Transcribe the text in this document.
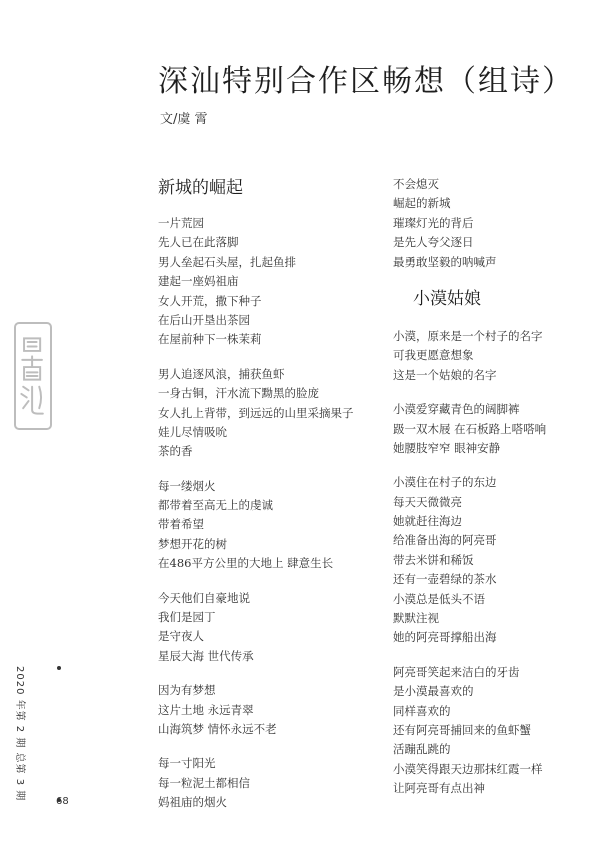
深汕特别合作区畅想（组诗）
文/虞 霄
新城的崛起
一片荒园
先人已在此落脚
男人垒起石头屋，扎起鱼排
建起一座妈祖庙
女人开荒，撒下种子
在后山开垦出茶园
在屋前种下一株茉莉
男人追逐风浪，捕获鱼虾
一身古铜，汗水流下黝黑的脸庞
女人扎上背带，到远远的山里采摘果子
娃儿尽情吸吮
茶的香
每一缕烟火
都带着至高无上的虔诚
带着希望
梦想开花的树
在486平方公里的大地上 肆意生长
今天他们自豪地说
我们是园丁
是守夜人
星辰大海 世代传承
因为有梦想
这片土地 永远青翠
山海筑梦 情怀永远不老
每一寸阳光
每一粒泥土都相信
妈祖庙的烟火
不会熄灭
崛起的新城
璀璨灯光的背后
是先人夸父逐日
最勇敢坚毅的呐喊声
小漠姑娘
小漠，原来是一个村子的名字
可我更愿意想象
这是一个姑娘的名字
小漠爱穿藏青色的阔脚裤
趿一双木屐 在石板路上嗒嗒响
她腰肢窄窄 眼神安静
小漠住在村子的东边
每天天微微亮
她就赶往海边
给准备出海的阿亮哥
带去米饼和稀饭
还有一壶碧绿的茶水
小漠总是低头不语
默默注视
她的阿亮哥撑船出海
阿亮哥笑起来洁白的牙齿
是小漠最喜欢的
同样喜欢的
还有阿亮哥捕回来的鱼虾蟹
活蹦乱跳的
小漠笑得跟天边那抹红霞一样
让阿亮哥有点出神
2020 年第 2 期 总第 3 期
68
